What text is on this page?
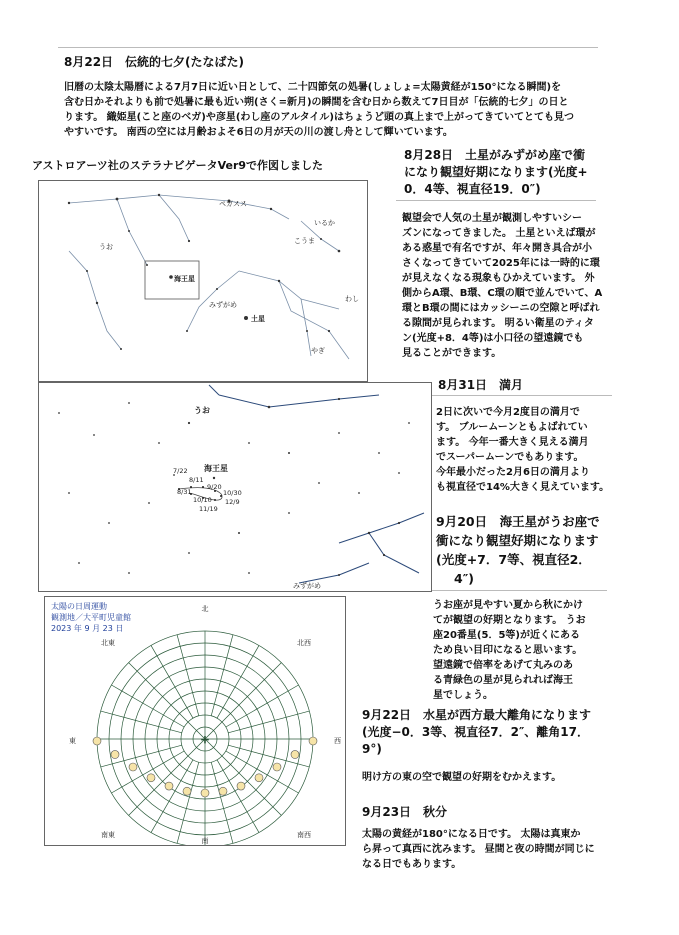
8月22日　伝統的七夕(たなばた)
旧暦の太陰太陽暦による7月7日に近い日として、二十四節気の処暑(しょしょ=太陽黄経が150°になる瞬間)を
含む日かそれよりも前で処暑に最も近い朔(さく=新月)の瞬間を含む日から数えて7日目が「伝統的七夕」の日と
ります。 織姫星(こと座のベガ)や彦星(わし座のアルタイル)はちょうど頭の真上まで上がってきていてとても見つ
やすいです。 南西の空には月齢およそ6日の月が天の川の渡し舟として輝いています。
アストロアーツ社のステラナビゲータVer9で作図しました
ペガスス
うお
海王星
みずがめ
土星
いるか
こうま
わし
やぎ
8月28日　土星がみずがめ座で衝
になり観望好期になります(光度+
0．4等、視直径19．0″)
観望会で人気の土星が観測しやすいシー
ズンになってきました。 土星といえば環が
ある惑星で有名ですが、年々開き具合が小
さくなってきていて2025年には一時的に環
が見えなくなる現象もひかえています。 外
側からA環、B環、C環の順で並んでいて、A
環とB環の間にはカッシーニの空隙と呼ばれ
る隙間が見られます。 明るい衛星のティタ
ン(光度+8．4等)は小口径の望遠鏡でも
見ることができます。
うお
海王星
みずがめ
7/22
8/11
9/20
8/31
10/10
10/30
11/19
12/9
8月31日　満月
2日に次いで今月2度目の満月で
す。 ブルームーンともよばれてい
ます。 今年一番大きく見える満月
でスーパームーンでもあります。
今年最小だった2月6日の満月より
も視直径で14%大きく見えています。
9月20日　海王星がうお座で
衝になり観望好期になります
(光度+7．7等、視直径2．
4″)
うお座が見やすい夏から秋にかけ
てが観望の好期となります。 うお
座20番星(5．5等)が近くにある
ため良い目印になると思います。
望遠鏡で倍率をあげて丸みのあ
る青緑色の星が見られれば海王
星でしょう。
太陽の日周運動
観測地／大平町児童館
2023 年 9 月 23 日
+
北
北西
西
南西
南
南東
東
北東
9月22日　水星が西方最大離角になります
(光度−0．3等、視直径7．2″、離角17．
9°)
明け方の東の空で観望の好期をむかえます。
9月23日　秋分
太陽の黄経が180°になる日です。 太陽は真東か
ら昇って真西に沈みます。 昼間と夜の時間が同じに
なる日でもあります。
